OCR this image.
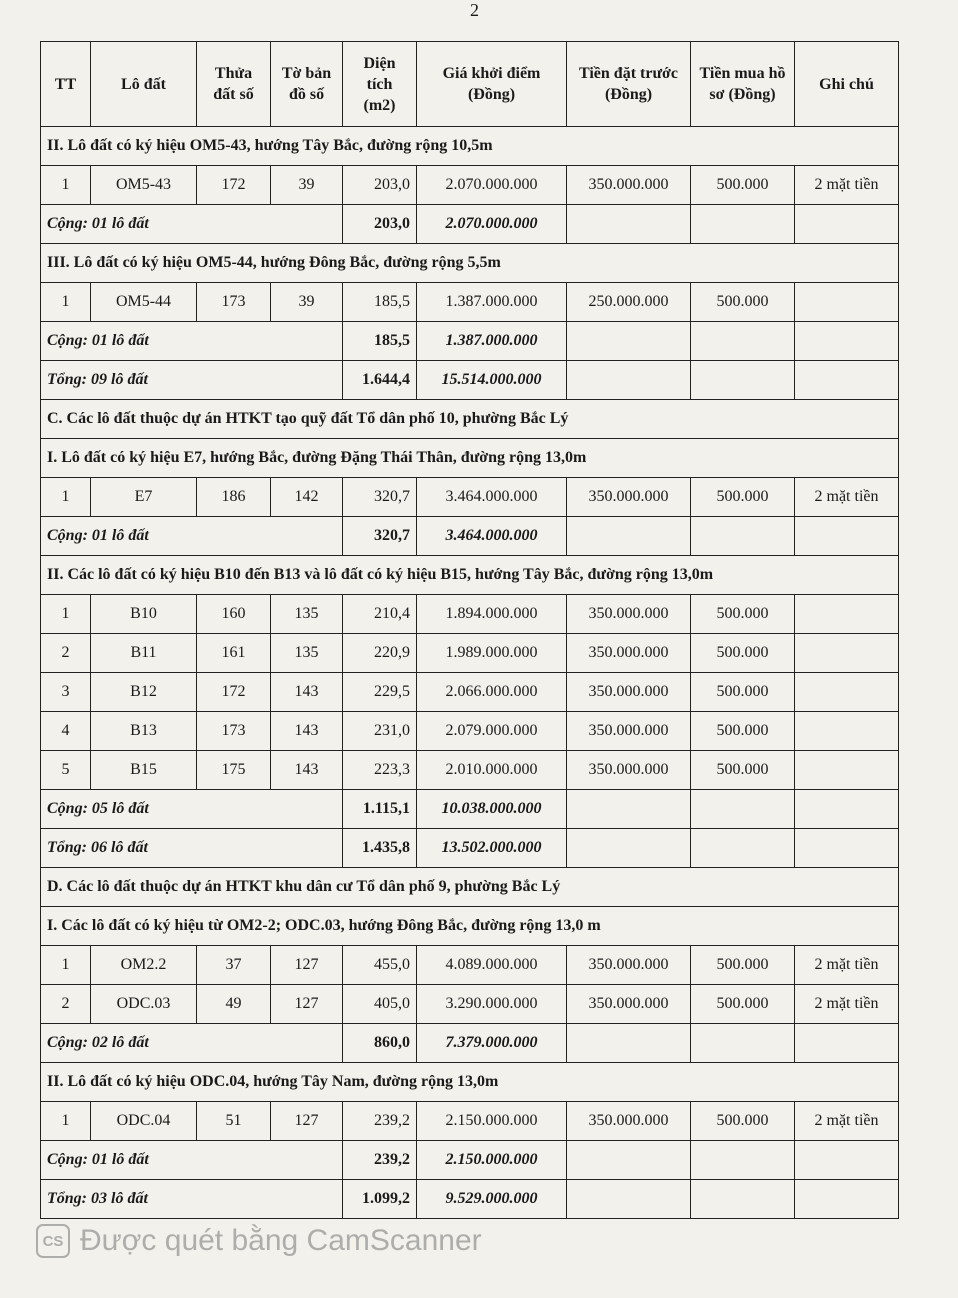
2
TT	Lô đất	Thửa đất số	Tờ bản đồ số	Diện tích (m2)	Giá khởi điểm (Đồng)	Tiền đặt trước (Đồng)	Tiền mua hồ sơ (Đồng)	Ghi chú
II. Lô đất có ký hiệu OM5-43, hướng Tây Bắc, đường rộng 10,5m								
1	OM5-43	172	39	203,0	2.070.000.000	350.000.000	500.000	2 mặt tiền
Cộng: 01 lô đất				203,0	2.070.000.000			
III. Lô đất có ký hiệu OM5-44, hướng Đông Bắc, đường rộng 5,5m								
1	OM5-44	173	39	185,5	1.387.000.000	250.000.000	500.000	
Cộng: 01 lô đất				185,5	1.387.000.000			
Tổng: 09 lô đất				1.644,4	15.514.000.000			
C. Các lô đất thuộc dự án HTKT tạo quỹ đất Tổ dân phố 10, phường Bắc Lý								
I. Lô đất có ký hiệu E7, hướng Bắc, đường Đặng Thái Thân, đường rộng 13,0m								
1	E7	186	142	320,7	3.464.000.000	350.000.000	500.000	2 mặt tiền
Cộng: 01 lô đất				320,7	3.464.000.000			
II. Các lô đất có ký hiệu B10 đến B13 và lô đất có ký hiệu B15, hướng Tây Bắc, đường rộng 13,0m								
1	B10	160	135	210,4	1.894.000.000	350.000.000	500.000	
2	B11	161	135	220,9	1.989.000.000	350.000.000	500.000	
3	B12	172	143	229,5	2.066.000.000	350.000.000	500.000	
4	B13	173	143	231,0	2.079.000.000	350.000.000	500.000	
5	B15	175	143	223,3	2.010.000.000	350.000.000	500.000	
Cộng: 05 lô đất				1.115,1	10.038.000.000			
Tổng: 06 lô đất				1.435,8	13.502.000.000			
D. Các lô đất thuộc dự án HTKT khu dân cư Tổ dân phố 9, phường Bắc Lý								
I. Các lô đất có ký hiệu từ OM2-2; ODC.03, hướng Đông Bắc, đường rộng 13,0 m								
1	OM2.2	37	127	455,0	4.089.000.000	350.000.000	500.000	2 mặt tiền
2	ODC.03	49	127	405,0	3.290.000.000	350.000.000	500.000	2 mặt tiền
Cộng: 02 lô đất				860,0	7.379.000.000			
II. Lô đất có ký hiệu ODC.04, hướng Tây Nam, đường rộng 13,0m								
1	ODC.04	51	127	239,2	2.150.000.000	350.000.000	500.000	2 mặt tiền
Cộng: 01 lô đất				239,2	2.150.000.000			
Tổng: 03 lô đất				1.099,2	9.529.000.000			
CS Được quét bằng CamScanner
